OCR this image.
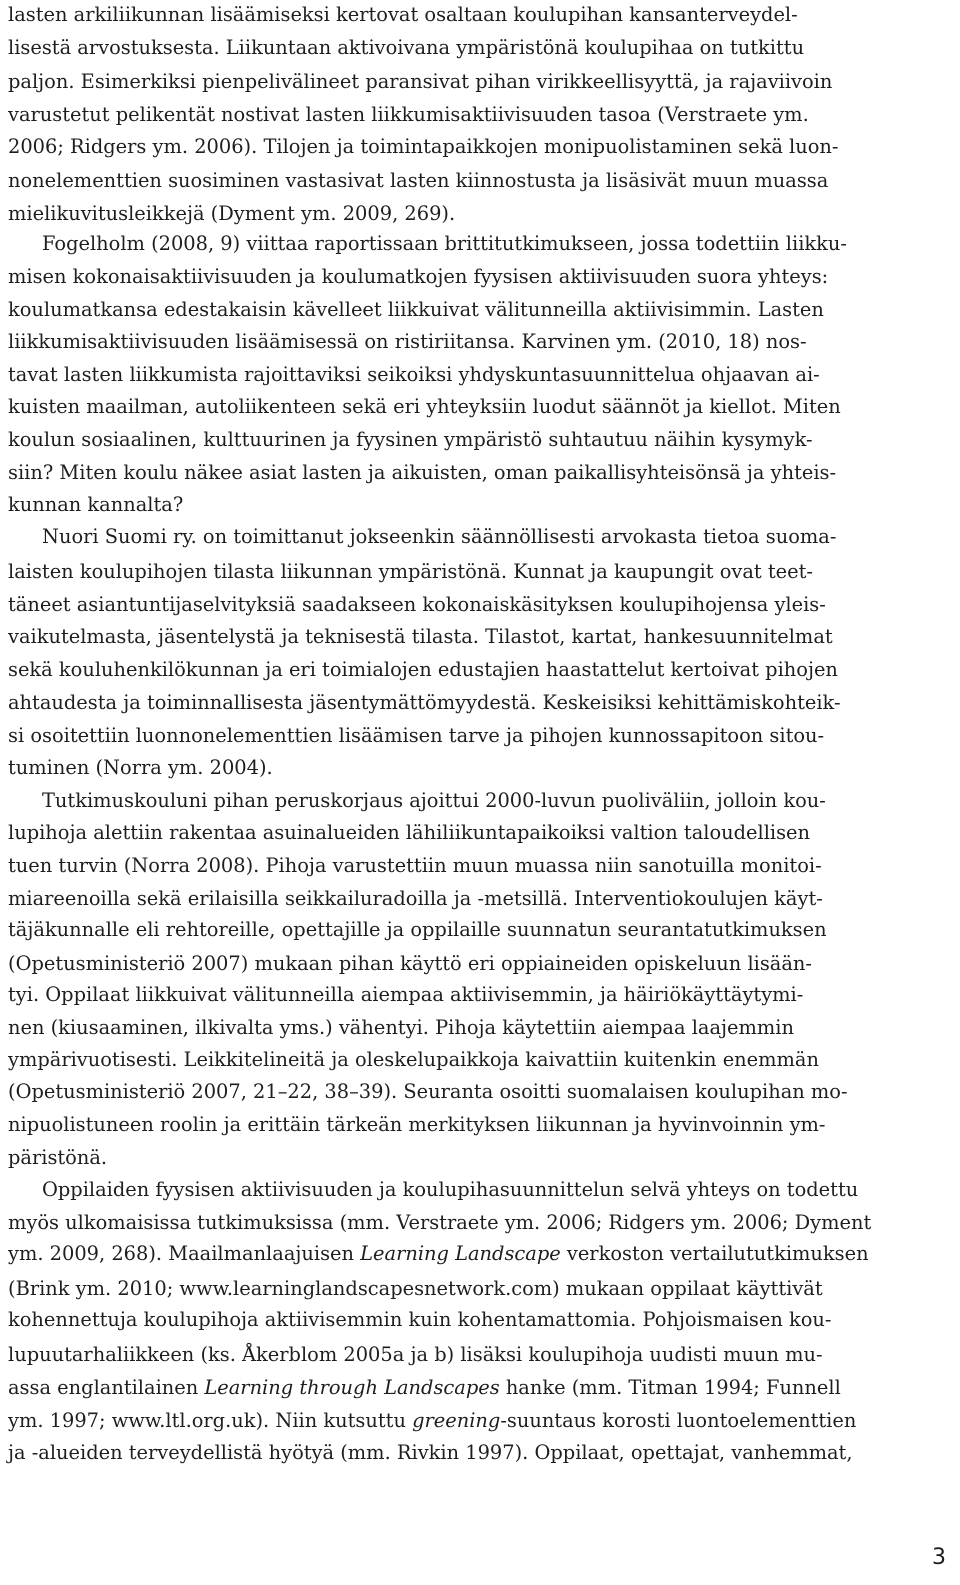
lasten arkiliikunnan lisäämiseksi kertovat osaltaan koulupihan kansanterveydel-
lisestä arvostuksesta. Liikuntaan aktivoivana ympäristönä koulupihaa on tutkittu
paljon. Esimerkiksi pienpelivälineet paransivat pihan virikkeellisyyttä, ja rajaviivoin
varustetut pelikentät nostivat lasten liikkumisaktiivisuuden tasoa (Verstraete ym.
2006; Ridgers ym. 2006). Tilojen ja toimintapaikkojen monipuolistaminen sekä luon-
nonelementtien suosiminen vastasivat lasten kiinnostusta ja lisäsivät muun muassa
mielikuvitusleikkejä (Dyment ym. 2009, 269).
Fogelholm (2008, 9) viittaa raportissaan brittitutkimukseen, jossa todettiin liikku-
misen kokonaisaktiivisuuden ja koulumatkojen fyysisen aktiivisuuden suora yhteys:
koulumatkansa edestakaisin kävelleet liikkuivat välitunneilla aktiivisimmin. Lasten
liikkumisaktiivisuuden lisäämisessä on ristiriitansa. Karvinen ym. (2010, 18) nos-
tavat lasten liikkumista rajoittaviksi seikoiksi yhdyskuntasuunnittelua ohjaavan ai-
kuisten maailman, autoliikenteen sekä eri yhteyksiin luodut säännöt ja kiellot. Miten
koulun sosiaalinen, kulttuurinen ja fyysinen ympäristö suhtautuu näihin kysymyk-
siin? Miten koulu näkee asiat lasten ja aikuisten, oman paikallisyhteisönsä ja yhteis-
kunnan kannalta?
Nuori Suomi ry. on toimittanut jokseenkin säännöllisesti arvokasta tietoa suoma-
laisten koulupihojen tilasta liikunnan ympäristönä. Kunnat ja kaupungit ovat teet-
täneet asiantuntijaselvityksiä saadakseen kokonaiskäsityksen koulupihojensa yleis-
vaikutelmasta, jäsentelystä ja teknisestä tilasta. Tilastot, kartat, hankesuunnitelmat
sekä kouluhenkilökunnan ja eri toimialojen edustajien haastattelut kertoivat pihojen
ahtaudesta ja toiminnallisesta jäsentymättömyydestä. Keskeisiksi kehittämiskohteik-
si osoitettiin luonnonelementtien lisäämisen tarve ja pihojen kunnossapitoon sitou-
tuminen (Norra ym. 2004).
Tutkimuskouluni pihan peruskorjaus ajoittui 2000-luvun puoliväliin, jolloin kou-
lupihoja alettiin rakentaa asuinalueiden lähiliikuntapaikoiksi valtion taloudellisen
tuen turvin (Norra 2008). Pihoja varustettiin muun muassa niin sanotuilla monitoi-
miareenoilla sekä erilaisilla seikkailuradoilla ja -metsillä. Interventiokoulujen käyt-
täjäkunnalle eli rehtoreille, opettajille ja oppilaille suunnatun seurantatutkimuksen
(Opetusministeriö 2007) mukaan pihan käyttö eri oppiaineiden opiskeluun lisään-
tyi. Oppilaat liikkuivat välitunneilla aiempaa aktiivisemmin, ja häiriökäyttäytymi-
nen (kiusaaminen, ilkivalta yms.) vähentyi. Pihoja käytettiin aiempaa laajemmin
ympärivuotisesti. Leikkitelineitä ja oleskelupaikkoja kaivattiin kuitenkin enemmän
(Opetusministeriö 2007, 21–22, 38–39). Seuranta osoitti suomalaisen koulupihan mo-
nipuolistuneen roolin ja erittäin tärkeän merkityksen liikunnan ja hyvinvoinnin ym-
päristönä.
Oppilaiden fyysisen aktiivisuuden ja koulupihasuunnittelun selvä yhteys on todettu
myös ulkomaisissa tutkimuksissa (mm. Verstraete ym. 2006; Ridgers ym. 2006; Dyment
ym. 2009, 268). Maailmanlaajuisen Learning Landscape verkoston vertailututkimuksen
(Brink ym. 2010; www.learninglandscapesnetwork.com) mukaan oppilaat käyttivät
kohennettuja koulupihoja aktiivisemmin kuin kohentamattomia. Pohjoismaisen kou-
lupuutarhaliikkeen (ks. Åkerblom 2005a ja b) lisäksi koulupihoja uudisti muun mu-
assa englantilainen Learning through Landscapes hanke (mm. Titman 1994; Funnell
ym. 1997; www.ltl.org.uk). Niin kutsuttu greening-suuntaus korosti luontoelementtien
ja -alueiden terveydellistä hyötyä (mm. Rivkin 1997). Oppilaat, opettajat, vanhemmat,
3
